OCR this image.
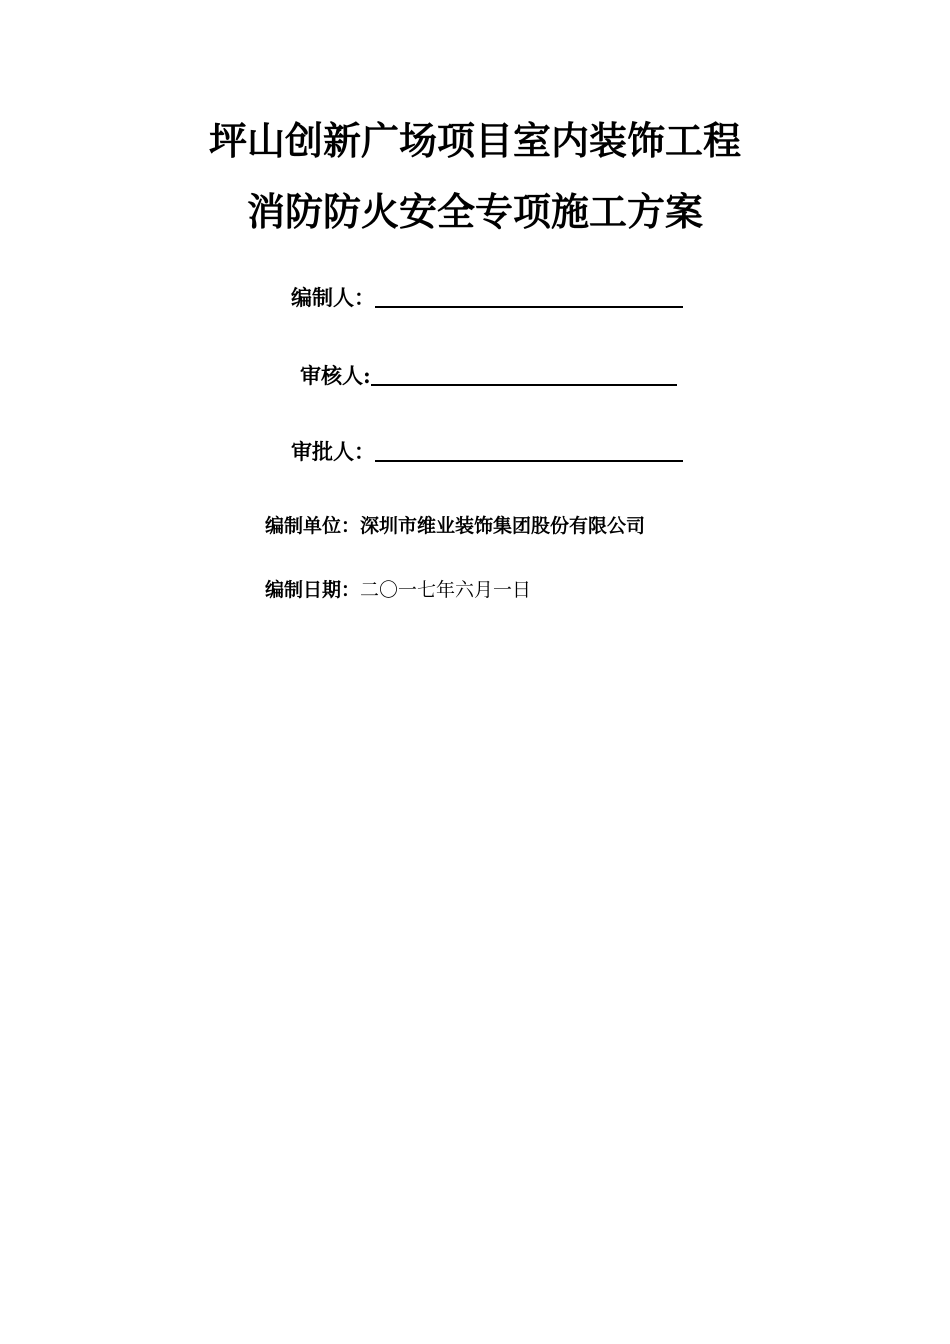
坪山创新广场项目室内装饰工程
消防防火安全专项施工方案
编制人：
审核人:
审批人：
编制单位：深圳市维业装饰集团股份有限公司
编制日期：二〇一七年六月一日
